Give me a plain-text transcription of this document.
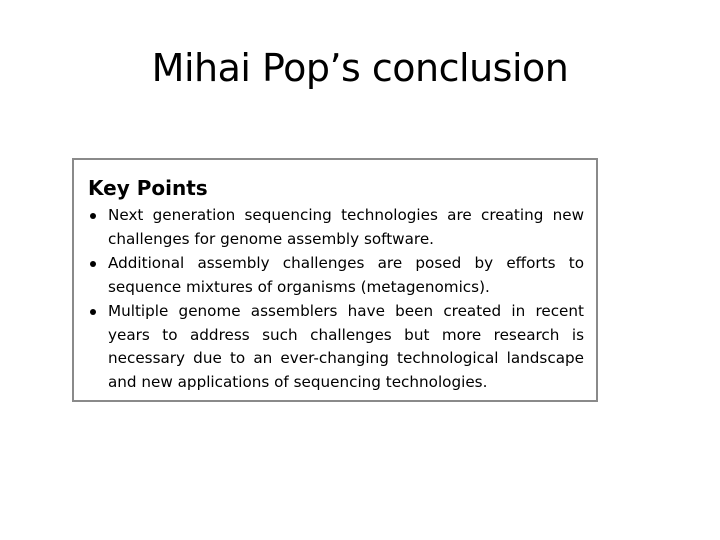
Mihai Pop’s conclusion
Key Points
Next generation sequencing technologies are creating new challenges for genome assembly software.
Additional assembly challenges are posed by efforts to sequence mixtures of organisms (metagenomics).
Multiple genome assemblers have been created in recent years to address such challenges but more research is necessary due to an ever-changing technological landscape and new applications of sequencing technologies.
